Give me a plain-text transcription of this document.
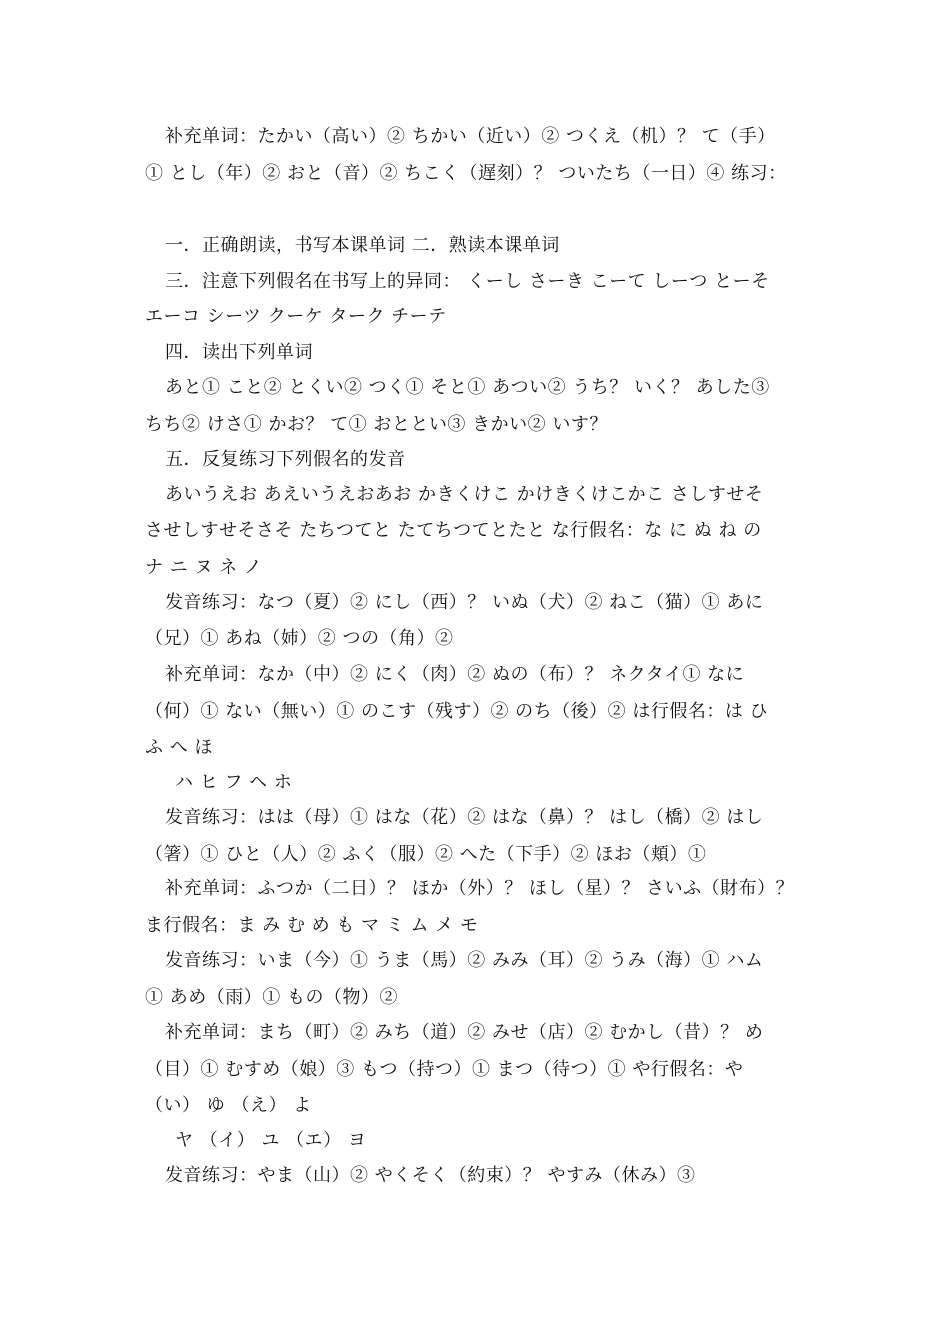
补充单词：たかい（高い）② ちかい（近い）② つくえ（机）？ て（手）
① とし（年）② おと（音）② ちこく（遅刻）？ ついたち（一日）④ 练习：
一．正确朗读，书写本课单词 二．熟读本课单词
三．注意下列假名在书写上的异同： くーし さーき こーて しーつ とーそ
エーコ シーツ クーケ ターク チーテ
四．读出下列单词
あと① こと② とくい② つく① そと① あつい② うち？ いく？ あした③
ちち② けさ① かお？ て① おととい③ きかい② いす？
五．反复练习下列假名的发音
あいうえお あえいうえおあお かきくけこ かけきくけこかこ さしすせそ
させしすせそさそ たちつてと たてちつてとたと な行假名：な に ぬ ね の
ナ ニ ヌ ネ ノ
发音练习：なつ（夏）② にし（西）？ いぬ（犬）② ねこ（猫）① あに
（兄）① あね（姉）② つの（角）②
补充单词：なか（中）② にく（肉）② ぬの（布）？ ネクタイ① なに
（何）① ない（無い）① のこす（残す）② のち（後）② は行假名：は ひ
ふ へ ほ
ハ ヒ フ ヘ ホ
发音练习：はは（母）① はな（花）② はな（鼻）？ はし（橋）② はし
（箸）① ひと（人）② ふく（服）② へた（下手）② ほお（頬）①
补充单词：ふつか（二日）？ ほか（外）？ ほし（星）？ さいふ（財布）？
ま行假名：ま み む め も マ ミ ム メ モ
发音练习：いま（今）① うま（馬）② みみ（耳）② うみ（海）① ハム
① あめ（雨）① もの（物）②
补充单词：まち（町）② みち（道）② みせ（店）② むかし（昔）？ め
（目）① むすめ（娘）③ もつ（持つ）① まつ（待つ）① や行假名：や
（い） ゆ （え） よ
ヤ （イ） ユ （エ） ヨ
发音练习：やま（山）② やくそく（約束）？ やすみ（休み）③
